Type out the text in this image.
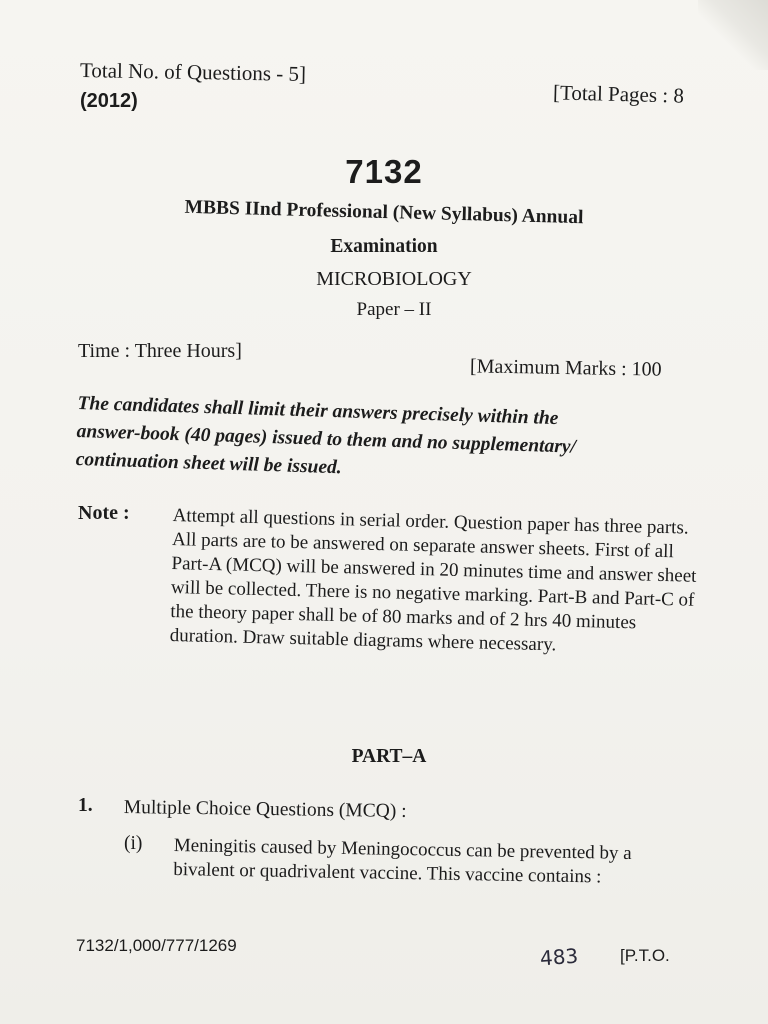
Total No. of Questions - 5]
(2012)	[Total Pages : 8
7132
MBBS IInd Professional (New Syllabus) Annual
Examination
MICROBIOLOGY
Paper – II
Time : Three Hours]
[Maximum Marks : 100
The candidates shall limit their answers precisely within the
answer-book (40 pages) issued to them and no supplementary/
continuation sheet will be issued.
Note : Attempt all questions in serial order. Question paper has three parts. All parts are to be answered on separate answer sheets. First of all Part-A (MCQ) will be answered in 20 minutes time and answer sheet will be collected. There is no negative marking. Part-B and Part-C of the theory paper shall be of 80 marks and of 2 hrs 40 minutes duration. Draw suitable diagrams where necessary.
PART–A
1. Multiple Choice Questions (MCQ) :
(i) Meningitis caused by Meningococcus can be prevented by a bivalent or quadrivalent vaccine. This vaccine contains :
7132/1,000/777/1269	483 [P.T.O.
